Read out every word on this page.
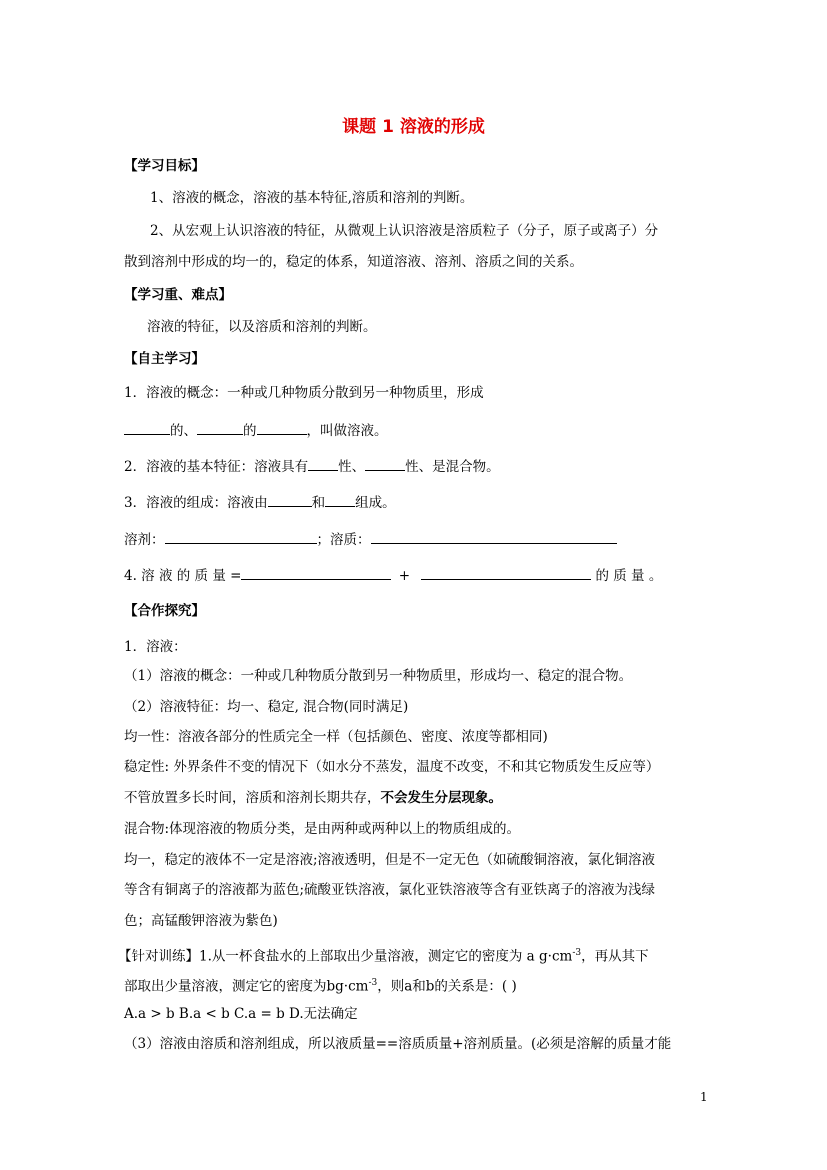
课题 1 溶液的形成
【学习目标】
1、溶液的概念，溶液的基本特征,溶质和溶剂的判断。
2、从宏观上认识溶液的特征，从微观上认识溶液是溶质粒子（分子，原子或离子）分
散到溶剂中形成的均一的，稳定的体系，知道溶液、溶剂、溶质之间的关系。
【学习重、难点】
溶液的特征，以及溶质和溶剂的判断。
【自主学习】
1．溶液的概念：一种或几种物质分散到另一种物质里，形成
的、	的	，叫做溶液。
2．溶液的基本特征：溶液具有 性、	性、是混合物。
3．溶液的组成：溶液由	和 组成。
溶剂：	；溶质：
4. 溶 液 的 质 量 =	+	的 质 量 。
【合作探究】
1．溶液：
（1）溶液的概念：一种或几种物质分散到另一种物质里，形成均一、稳定的混合物。
（2）溶液特征：均一、稳定, 混合物(同时满足)
均一性：溶液各部分的性质完全一样（包括颜色、密度、浓度等都相同)
稳定性: 外界条件不变的情况下（如水分不蒸发，温度不改变，不和其它物质发生反应等）
不管放置多长时间，溶质和溶剂长期共存，不会发生分层现象。
混合物:体现溶液的物质分类，是由两种或两种以上的物质组成的。
均一，稳定的液体不一定是溶液;溶液透明，但是不一定无色（如硫酸铜溶液，氯化铜溶液
等含有铜离子的溶液都为蓝色;硫酸亚铁溶液，氯化亚铁溶液等含有亚铁离子的溶液为浅绿
色；高锰酸钾溶液为紫色)
【针对训练】1.从一杯食盐水的上部取出少量溶液，测定它的密度为 a $g\cdot cm^{-3}$，再从其下
部取出少量溶液，测定它的密度为$bg\cdot cm^{-3}$，则a和b的关系是：( )
A.a > b B.a < b C.a = b D.无法确定
（3）溶液由溶质和溶剂组成，所以液质量==溶质质量+溶剂质量。(必须是溶解的质量才能
1
